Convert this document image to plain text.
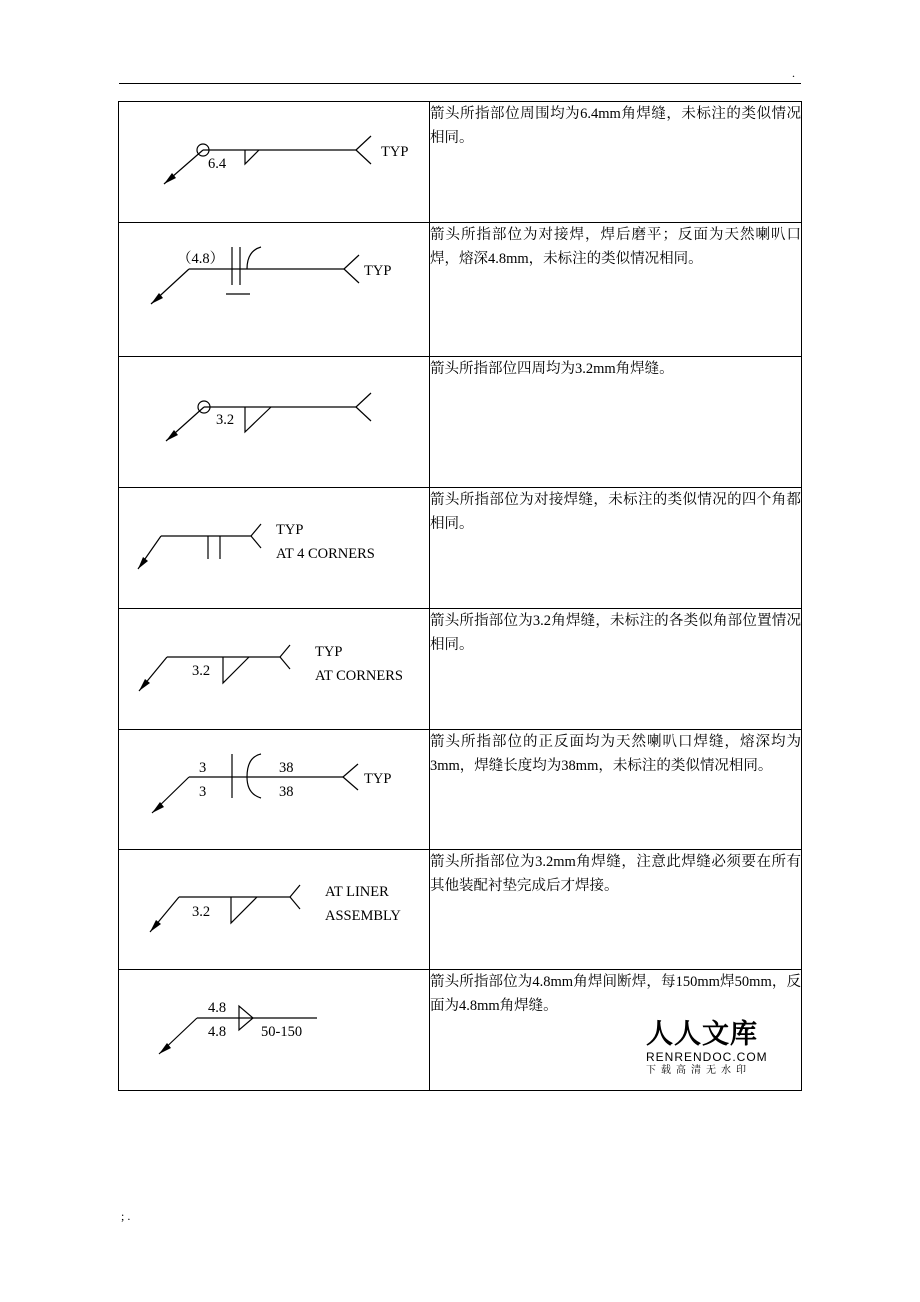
.
6.4
TYP	箭头所指部位周围均为6.4mm角焊缝，未标注的类似情况相同。

（4.8）
TYP	箭头所指部位为对接焊，焊后磨平；反面为天然喇叭口焊，熔深4.8mm，未标注的类似情况相同。

3.2	箭头所指部位四周均为3.2mm角焊缝。

TYP
AT 4 CORNERS	箭头所指部位为对接焊缝，未标注的类似情况的四个角都相同。

3.2
TYP
AT CORNERS	箭头所指部位为3.2角焊缝，未标注的各类似角部位置情况相同。

3 38
3 38
TYP	箭头所指部位的正反面均为天然喇叭口焊缝，熔深均为3mm，焊缝长度均为38mm，未标注的类似情况相同。

3.2
AT LINER
ASSEMBLY	箭头所指部位为3.2mm角焊缝，注意此焊缝必须要在所有其他装配衬垫完成后才焊接。

4.8
4.8 50-150	箭头所指部位为4.8mm角焊间断焊，每150mm焊50mm，反面为4.8mm角焊缝。
人人文库
RENRENDOC.COM
下载高清无水印
; .
